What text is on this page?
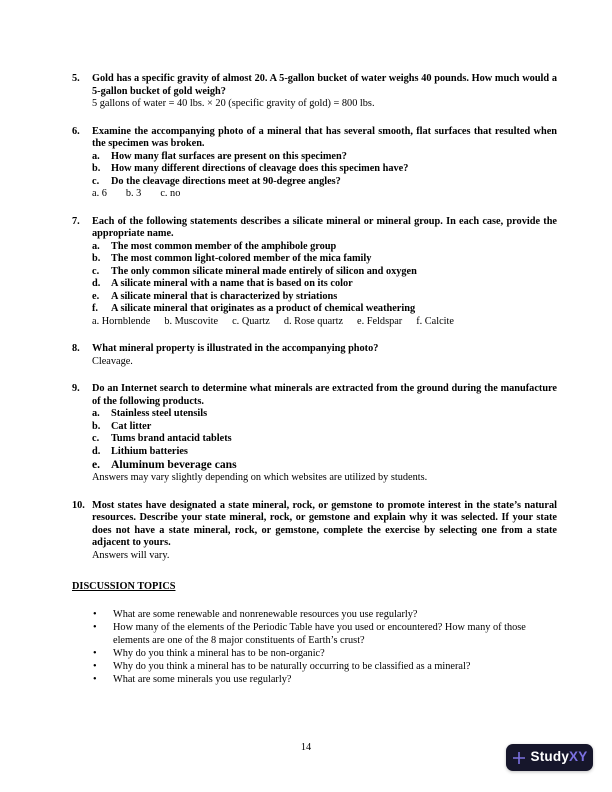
5.	Gold has a specific gravity of almost 20. A 5-gallon bucket of water weighs 40 pounds. How much would a 5-gallon bucket of gold weigh?
5 gallons of water = 40 lbs. × 20 (specific gravity of gold) = 800 lbs.
6.	Examine the accompanying photo of a mineral that has several smooth, flat surfaces that resulted when the specimen was broken.
a.	How many flat surfaces are present on this specimen?
b.	How many different directions of cleavage does this specimen have?
c.	Do the cleavage directions meet at 90-degree angles?
a. 6 b. 3 c. no
7.	Each of the following statements describes a silicate mineral or mineral group. In each case, provide the appropriate name.
a.	The most common member of the amphibole group
b.	The most common light-colored member of the mica family
c.	The only common silicate mineral made entirely of silicon and oxygen
d.	A silicate mineral with a name that is based on its color
e.	A silicate mineral that is characterized by striations
f.	A silicate mineral that originates as a product of chemical weathering
a. Hornblende b. Muscovite c. Quartz d. Rose quartz e. Feldspar f. Calcite
8.	What mineral property is illustrated in the accompanying photo?
Cleavage.
9.	Do an Internet search to determine what minerals are extracted from the ground during the manufacture of the following products.
a.	Stainless steel utensils
b.	Cat litter
c.	Tums brand antacid tablets
d.	Lithium batteries
e. Aluminum beverage cans
Answers may vary slightly depending on which websites are utilized by students.
10. Most states have designated a state mineral, rock, or gemstone to promote interest in the state’s natural resources. Describe your state mineral, rock, or gemstone and explain why it was selected. If your state does not have a state mineral, rock, or gemstone, complete the exercise by selecting one from a state adjacent to yours.
Answers will vary.
DISCUSSION TOPICS
•
What are some renewable and nonrenewable resources you use regularly?
•
How many of the elements of the Periodic Table have you used or encountered? How many of those elements are one of the 8 major constituents of Earth’s crust?
•
Why do you think a mineral has to be non-organic?
•
Why do you think a mineral has to be naturally occurring to be classified as a mineral?
•
What are some minerals you use regularly?
14
StudyXY
